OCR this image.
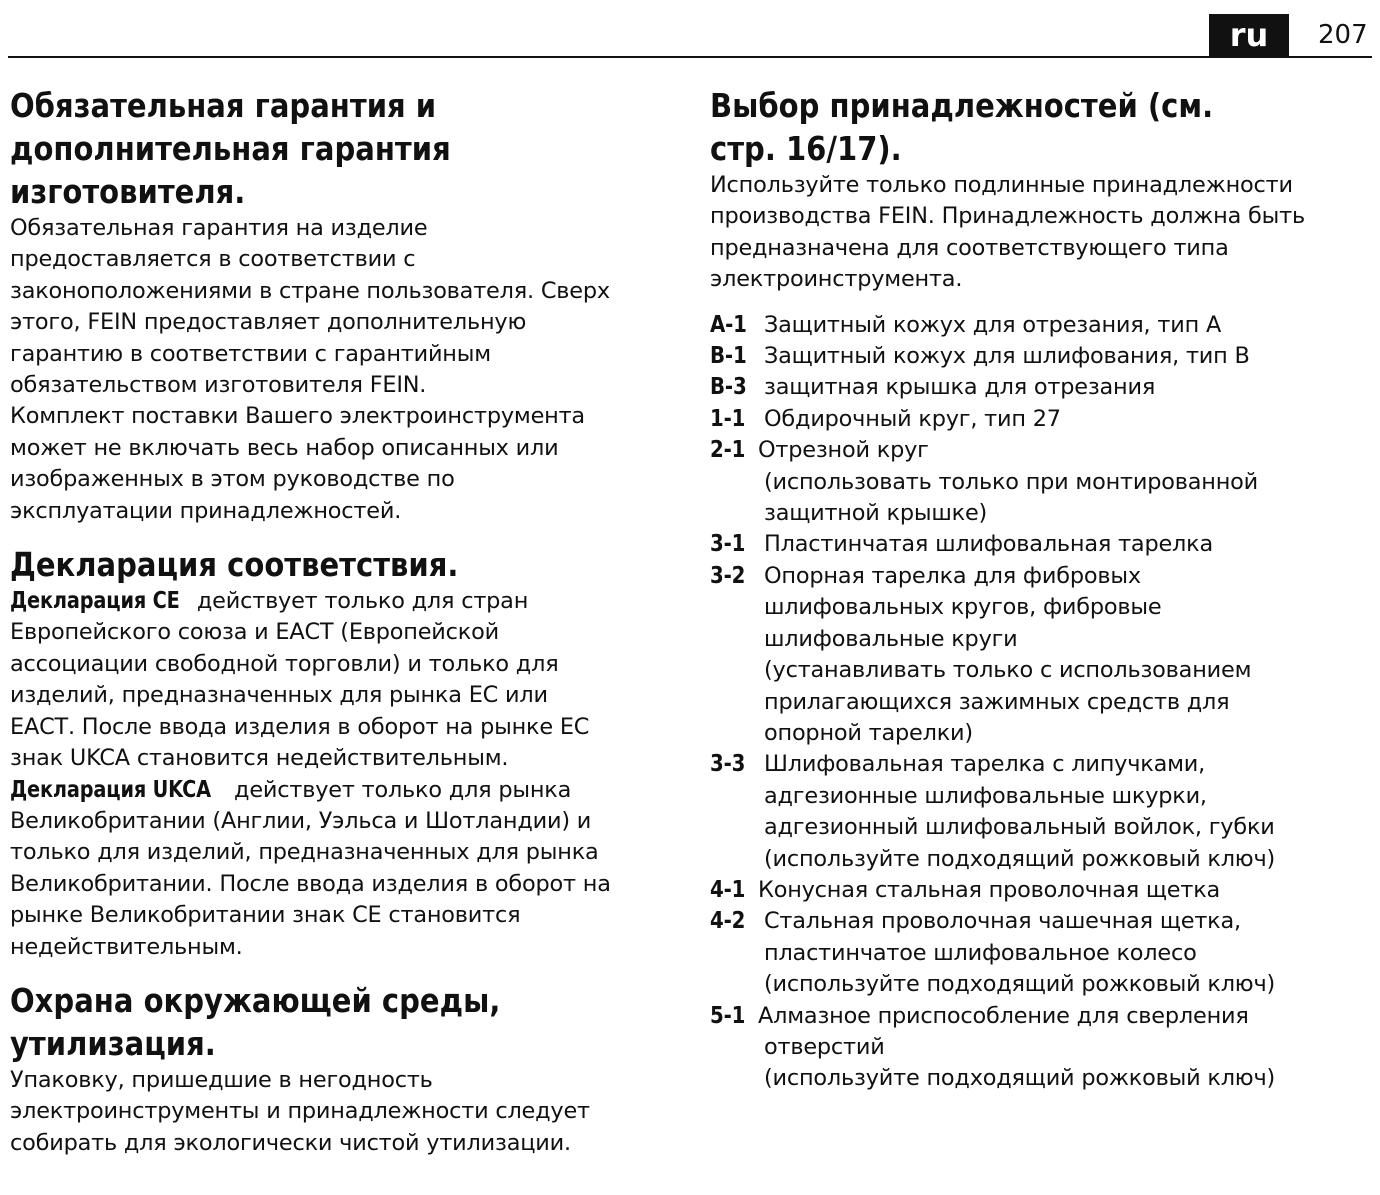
ru	207
Обязательная гарантия и
дополнительная гарантия
изготовителя.

Обязательная гарантия на изделие
предоставляется в соответствии с
законоположениями в стране пользователя. Сверх
этого, FEIN предоставляет дополнительную
гарантию в соответствии с гарантийным
обязательством изготовителя FEIN.
Комплект поставки Вашего электроинструмента
может не включать весь набор описанных или
изображенных в этом руководстве по
эксплуатации принадлежностей.

Декларация соответствия.

Декларация CE действует только для стран
Европейского союза и ЕАСТ (Европейской
ассоциации свободной торговли) и только для
изделий, предназначенных для рынка ЕС или
ЕАСТ. После ввода изделия в оборот на рынке ЕС
знак UKCA становится недействительным.

Декларация UKCA действует только для рынка
Великобритании (Англии, Уэльса и Шотландии) и
только для изделий, предназначенных для рынка
Великобритании. После ввода изделия в оборот на
рынке Великобритании знак CE становится
недействительным.

Охрана окружающей среды,
утилизация.

Упаковку, пришедшие в негодность
электроинструменты и принадлежности следует
собирать для экологически чистой утилизации.

Выбор принадлежностей (см.
стр. 16/17).

Используйте только подлинные принадлежности
производства FEIN. Принадлежность должна быть
предназначена для соответствующего типа
электроинструмента.

A-1 Защитный кожух для отрезания, тип A
B-1 Защитный кожух для шлифования, тип B
B-3 защитная крышка для отрезания
1-1 Обдирочный круг, тип 27
2-1 Отрезной круг
(использовать только при монтированной
защитной крышке)
3-1 Пластинчатая шлифовальная тарелка
3-2 Опорная тарелка для фибровых
шлифовальных кругов, фибровые
шлифовальные круги
(устанавливать только с использованием
прилагающихся зажимных средств для
опорной тарелки)
3-3 Шлифовальная тарелка с липучками,
адгезионные шлифовальные шкурки,
адгезионный шлифовальный войлок, губки
(используйте подходящий рожковый ключ)
4-1 Конусная стальная проволочная щетка
4-2 Стальная проволочная чашечная щетка,
пластинчатое шлифовальное колесо
(используйте подходящий рожковый ключ)
5-1 Алмазное приспособление для сверления
отверстий
(используйте подходящий рожковый ключ)
